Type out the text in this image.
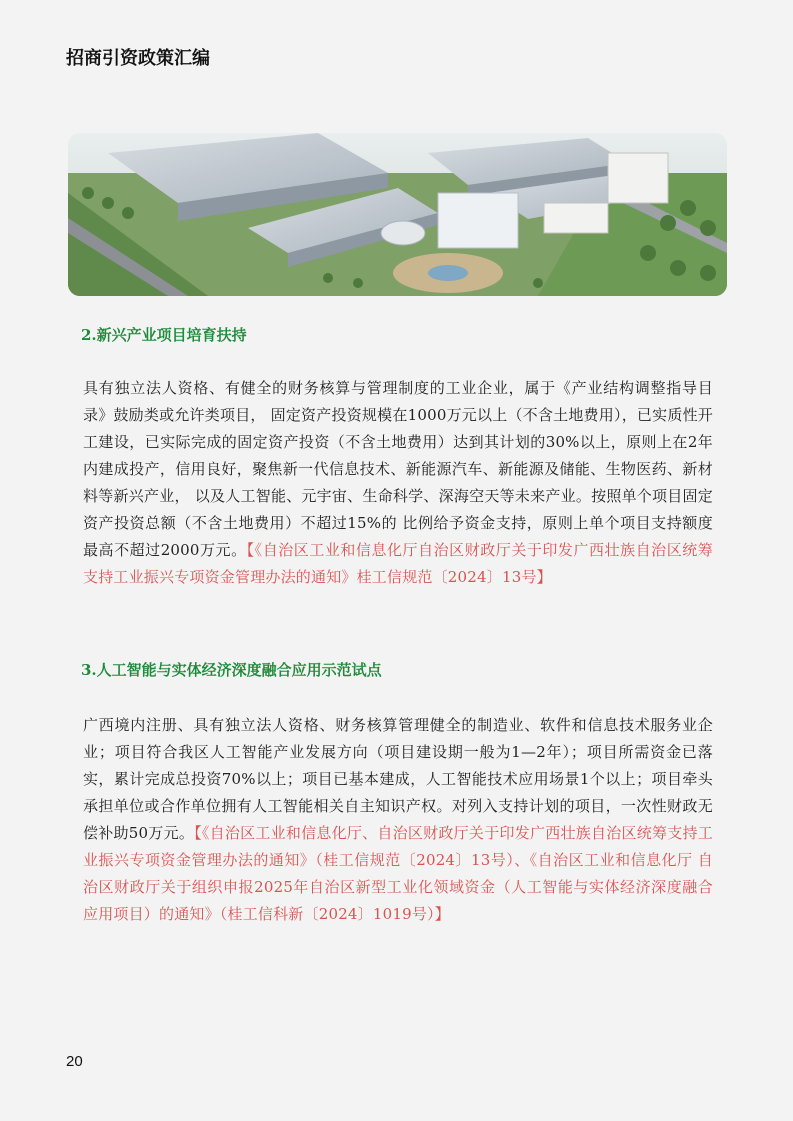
招商引资政策汇编
2.新兴产业项目培育扶持
具有独立法人资格、有健全的财务核算与管理制度的工业企业，属于《产业结构调整指导目录》鼓励类或允许类项目， 固定资产投资规模在1000万元以上（不含土地费用），已实质性开工建设，已实际完成的固定资产投资（不含土地费用）达到其计划的30%以上，原则上在2年内建成投产，信用良好，聚焦新一代信息技术、新能源汽车、新能源及储能、生物医药、新材料等新兴产业， 以及人工智能、元宇宙、生命科学、深海空天等未来产业。按照单个项目固定资产投资总额（不含土地费用）不超过15%的 比例给予资金支持，原则上单个项目支持额度最高不超过2000万元。【《自治区工业和信息化厅自治区财政厅关于印发广西壮族自治区统筹支持工业振兴专项资金管理办法的通知》桂工信规范〔2024〕13号】
3.人工智能与实体经济深度融合应用示范试点
广西境内注册、具有独立法人资格、财务核算管理健全的制造业、软件和信息技术服务业企业；项目符合我区人工智能产业发展方向（项目建设期一般为1—2年）；项目所需资金已落实，累计完成总投资70%以上；项目已基本建成，人工智能技术应用场景1个以上；项目牵头承担单位或合作单位拥有人工智能相关自主知识产权。对列入支持计划的项目，一次性财政无偿补助50万元。【《自治区工业和信息化厅、自治区财政厅关于印发广西壮族自治区统筹支持工业振兴专项资金管理办法的通知》（桂工信规范〔2024〕13号）、《自治区工业和信息化厅 自治区财政厅关于组织申报2025年自治区新型工业化领域资金（人工智能与实体经济深度融合应用项目）的通知》（桂工信科新〔2024〕1019号）】
20
